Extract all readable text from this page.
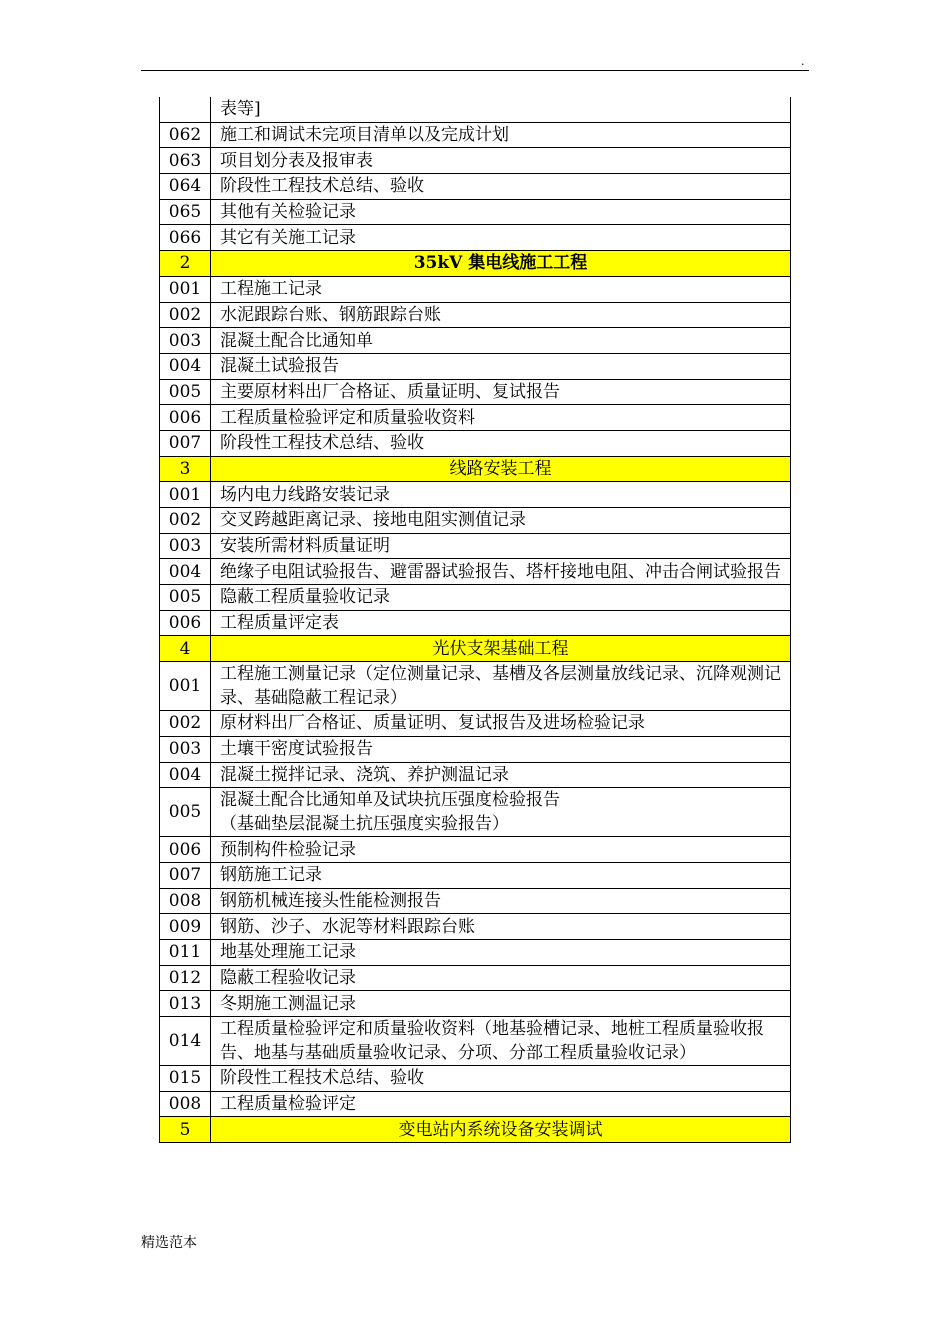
.
	表等]
062	施工和调试未完项目清单以及完成计划
063	项目划分表及报审表
064	阶段性工程技术总结、验收
065	其他有关检验记录
066	其它有关施工记录
2	35kV 集电线施工工程
001	工程施工记录
002	水泥跟踪台账、钢筋跟踪台账
003	混凝土配合比通知单
004	混凝土试验报告
005	主要原材料出厂合格证、质量证明、复试报告
006	工程质量检验评定和质量验收资料
007	阶段性工程技术总结、验收
3	线路安装工程
001	场内电力线路安装记录
002	交叉跨越距离记录、接地电阻实测值记录
003	安装所需材料质量证明
004	绝缘子电阻试验报告、避雷器试验报告、塔杆接地电阻、冲击合闸试验报告
005	隐蔽工程质量验收记录
006	工程质量评定表
4	光伏支架基础工程
001	工程施工测量记录（定位测量记录、基槽及各层测量放线记录、沉降观测记录、基础隐蔽工程记录）
002	原材料出厂合格证、质量证明、复试报告及进场检验记录
003	土壤干密度试验报告
004	混凝土搅拌记录、浇筑、养护测温记录
005	混凝土配合比通知单及试块抗压强度检验报告
（基础垫层混凝土抗压强度实验报告）

006	预制构件检验记录
007	钢筋施工记录
008	钢筋机械连接头性能检测报告
009	钢筋、沙子、水泥等材料跟踪台账
011	地基处理施工记录
012	隐蔽工程验收记录
013	冬期施工测温记录
014	工程质量检验评定和质量验收资料（地基验槽记录、地桩工程质量验收报告、地基与基础质量验收记录、分项、分部工程质量验收记录）
015	阶段性工程技术总结、验收
008	工程质量检验评定
5	变电站内系统设备安装调试
精选范本
